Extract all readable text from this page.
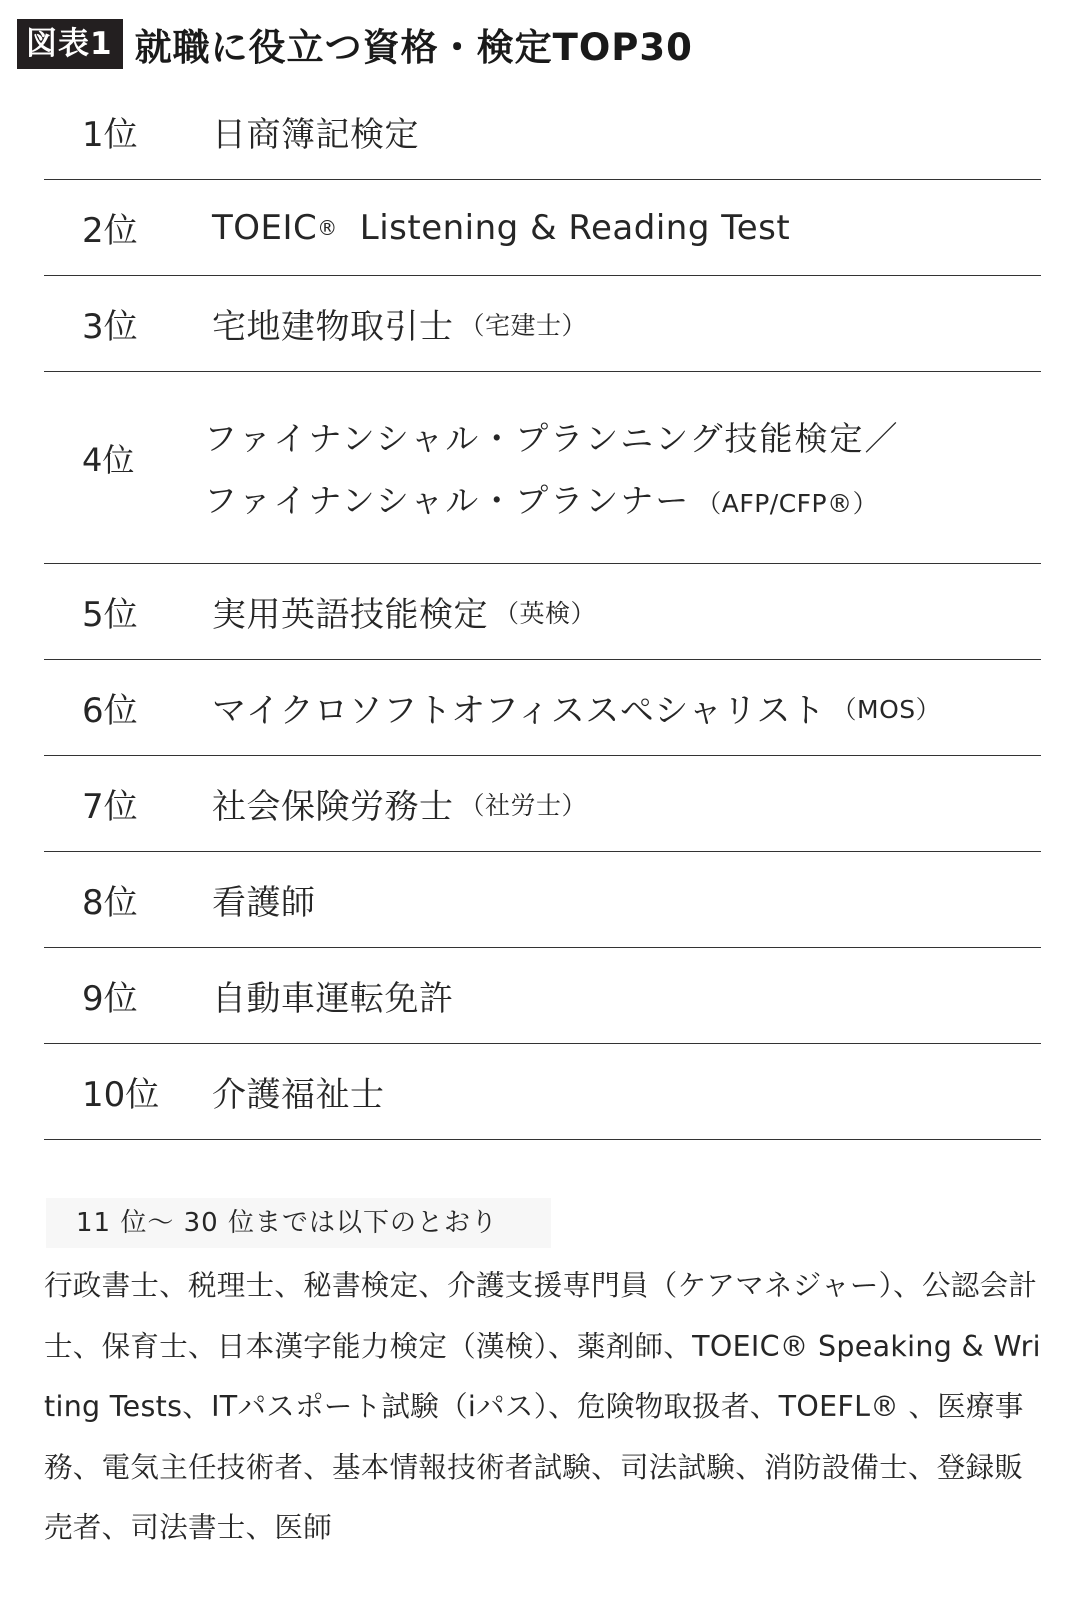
図表1 就職に役立つ資格・検定TOP30
1位 日商簿記検定
2位 TOEIC ® Listening & Reading Test
3位 宅地建物取引士 （宅建士）
4位
ファイナンシャル・プランニング技能検定／
ファイナンシャル・プランナー （AFP/CFP®）
5位 実用英語技能検定 （英検）
6位 マイクロソフトオフィススペシャリスト （MOS）
7位 社会保険労務士 （社労士）
8位 看護師
9位 自動車運転免許
10位 介護福祉士
11 位～ 30 位までは以下のとおり

行政書士、税理士、秘書検定、介護支援専門員（ケアマネジャー）、公認会計士、保育士、日本漢字能力検定（漢検）、薬剤師、TOEIC® Speaking & Writing Tests、ITパスポート試験（iパス）、危険物取扱者、TOEFL® 、医療事務、電気主任技術者、基本情報技術者試験、司法試験、消防設備士、登録販売者、司法書士、医師
